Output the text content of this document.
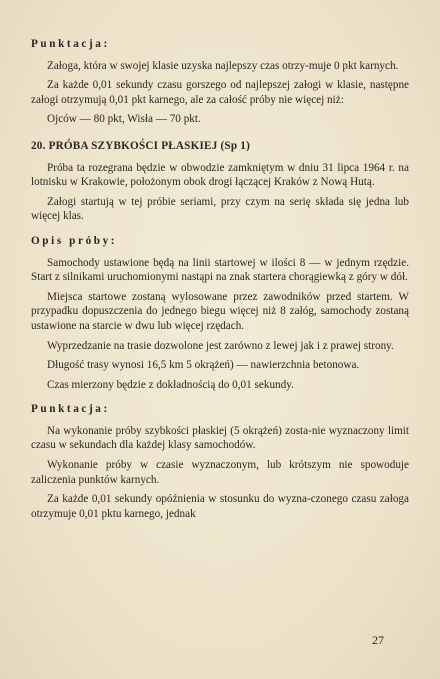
Punktacja:

Załoga, która w swojej klasie uzyska najlepszy czas otrzy-muje 0 pkt karnych.

Za każde 0,01 sekundy czasu gorszego od najlepszej załogi w klasie, następne załogi otrzymują 0,01 pkt karnego, ale za całość próby nie więcej niż:

Ojców — 80 pkt, Wisła — 70 pkt.

20. PRÓBA SZYBKOŚCI PŁASKIEJ (Sp 1)

Próba ta rozegrana będzie w obwodzie zamkniętym w dniu 31 lipca 1964 r. na lotnisku w Krakowie, położonym obok drogi łączącej Kraków z Nową Hutą.

Załogi startują w tej próbie seriami, przy czym na serię składa się jedna lub więcej klas.

Opis próby:

Samochody ustawione będą na linii startowej w ilości 8 — w jednym rzędzie. Start z silnikami uruchomionymi nastąpi na znak startera chorągiewką z góry w dół.

Miejsca startowe zostaną wylosowane przez zawodników przed startem. W przypadku dopuszczenia do jednego biegu więcej niż 8 załóg, samochody zostaną ustawione na starcie w dwu lub więcej rzędach.

Wyprzedzanie na trasie dozwolone jest zarówno z lewej jak i z prawej strony.

Długość trasy wynosi 16,5 km 5 okrążeń) — nawierzchnia betonowa.

Czas mierzony będzie z dokładnością do 0,01 sekundy.

Punktacja:

Na wykonanie próby szybkości płaskiej (5 okrążeń) zosta-nie wyznaczony limit czasu w sekundach dla każdej klasy samochodów.

Wykonanie próby w czasie wyznaczonym, lub krótszym nie spowoduje zaliczenia punktów karnych.

Za każde 0,01 sekundy opóźnienia w stosunku do wyzna-czonego czasu załoga otrzymuje 0,01 pktu karnego, jednak

27
